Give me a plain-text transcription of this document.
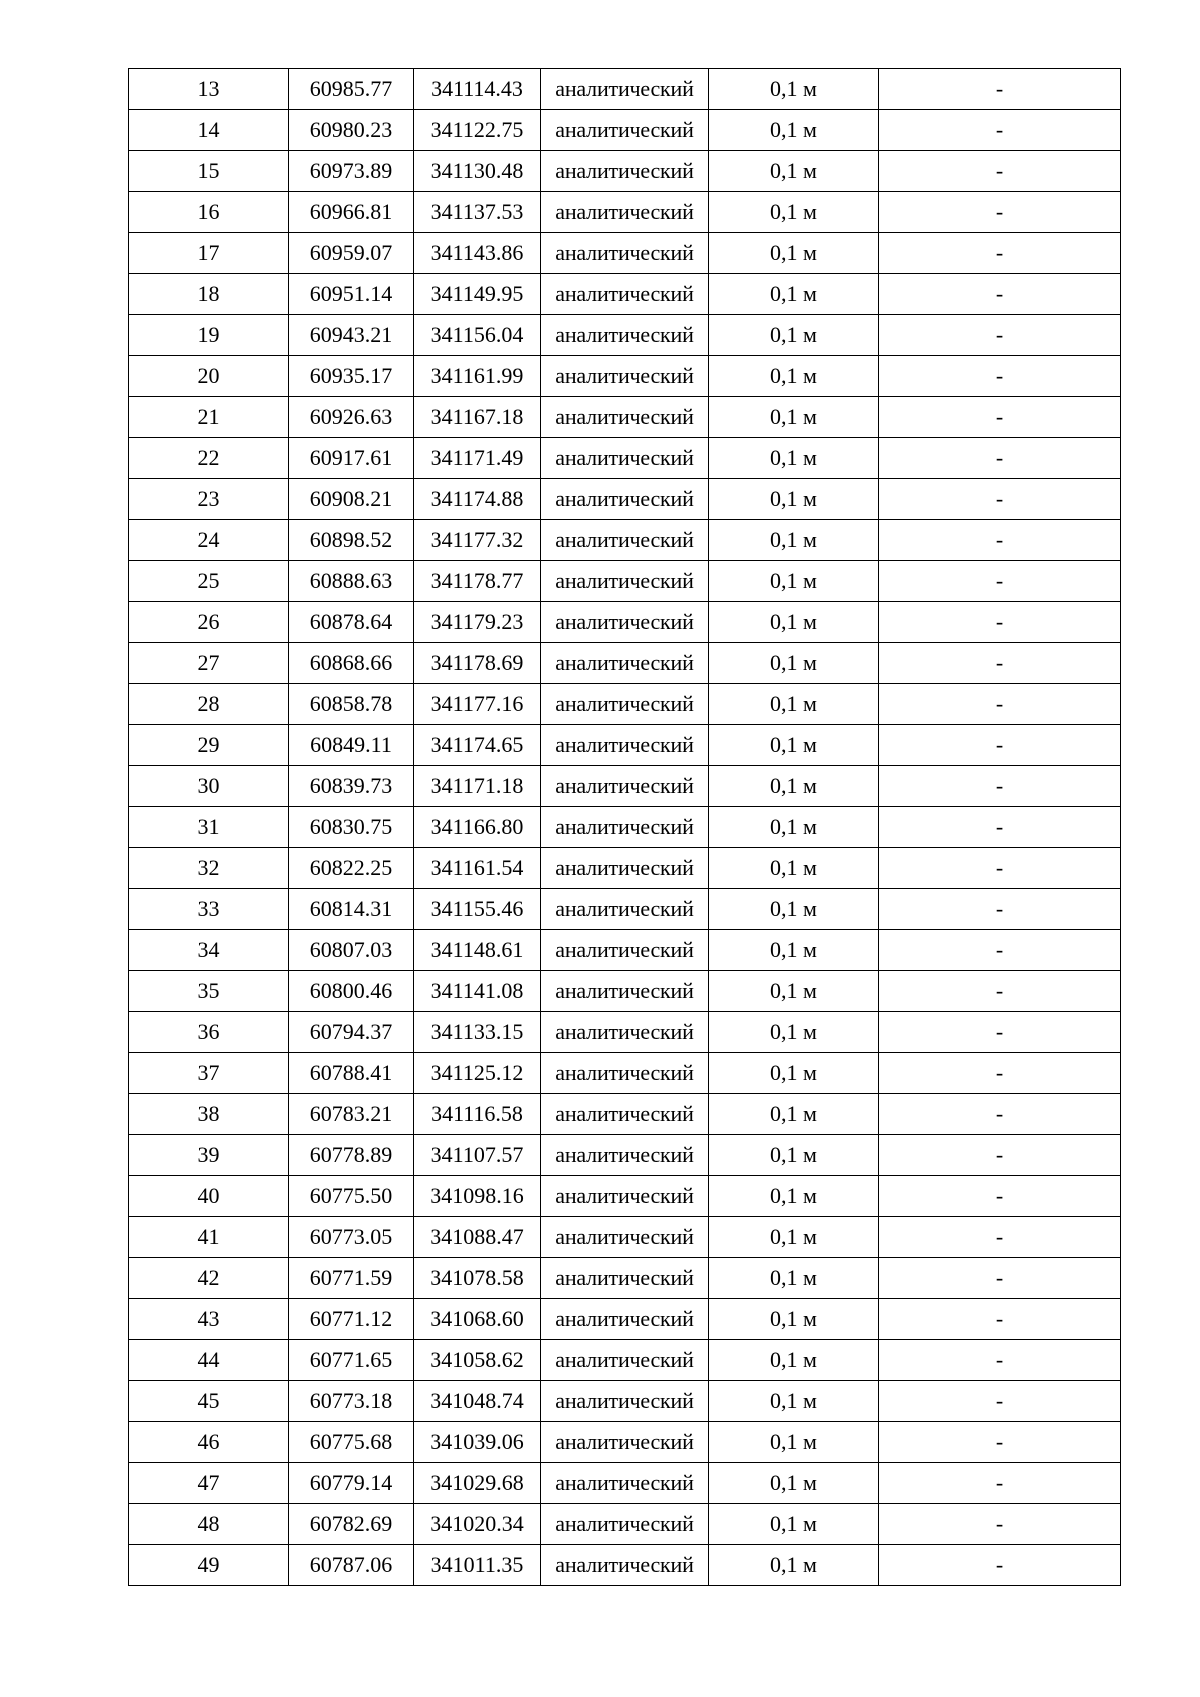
13	60985.77	341114.43	аналитический	0,1 м	-
14	60980.23	341122.75	аналитический	0,1 м	-
15	60973.89	341130.48	аналитический	0,1 м	-
16	60966.81	341137.53	аналитический	0,1 м	-
17	60959.07	341143.86	аналитический	0,1 м	-
18	60951.14	341149.95	аналитический	0,1 м	-
19	60943.21	341156.04	аналитический	0,1 м	-
20	60935.17	341161.99	аналитический	0,1 м	-
21	60926.63	341167.18	аналитический	0,1 м	-
22	60917.61	341171.49	аналитический	0,1 м	-
23	60908.21	341174.88	аналитический	0,1 м	-
24	60898.52	341177.32	аналитический	0,1 м	-
25	60888.63	341178.77	аналитический	0,1 м	-
26	60878.64	341179.23	аналитический	0,1 м	-
27	60868.66	341178.69	аналитический	0,1 м	-
28	60858.78	341177.16	аналитический	0,1 м	-
29	60849.11	341174.65	аналитический	0,1 м	-
30	60839.73	341171.18	аналитический	0,1 м	-
31	60830.75	341166.80	аналитический	0,1 м	-
32	60822.25	341161.54	аналитический	0,1 м	-
33	60814.31	341155.46	аналитический	0,1 м	-
34	60807.03	341148.61	аналитический	0,1 м	-
35	60800.46	341141.08	аналитический	0,1 м	-
36	60794.37	341133.15	аналитический	0,1 м	-
37	60788.41	341125.12	аналитический	0,1 м	-
38	60783.21	341116.58	аналитический	0,1 м	-
39	60778.89	341107.57	аналитический	0,1 м	-
40	60775.50	341098.16	аналитический	0,1 м	-
41	60773.05	341088.47	аналитический	0,1 м	-
42	60771.59	341078.58	аналитический	0,1 м	-
43	60771.12	341068.60	аналитический	0,1 м	-
44	60771.65	341058.62	аналитический	0,1 м	-
45	60773.18	341048.74	аналитический	0,1 м	-
46	60775.68	341039.06	аналитический	0,1 м	-
47	60779.14	341029.68	аналитический	0,1 м	-
48	60782.69	341020.34	аналитический	0,1 м	-
49	60787.06	341011.35	аналитический	0,1 м	-
